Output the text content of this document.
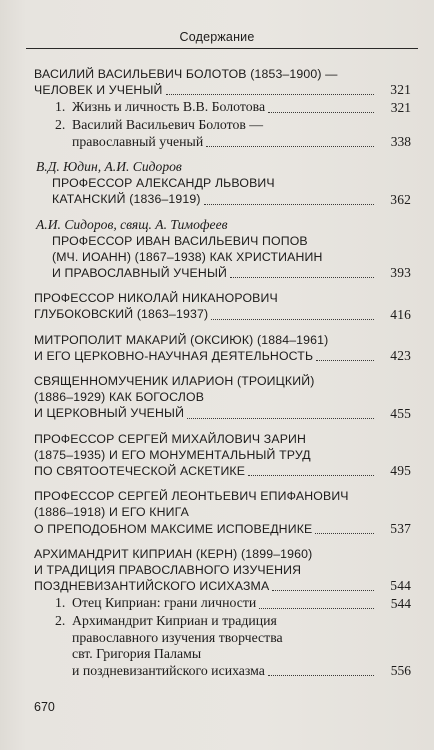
Содержание
ВАСИЛИЙ ВАСИЛЬЕВИЧ БОЛОТОВ (1853–1900) —
ЧЕЛОВЕК И УЧЕНЫЙ	321
1. Жизнь и личность В.В. Болотова	321
2. Василий Васильевич Болотов —
православный ученый	338
В.Д. Юдин, А.И. Сидоров
ПРОФЕССОР АЛЕКСАНДР ЛЬВОВИЧ
КАТАНСКИЙ (1836–1919)	362
А.И. Сидоров, свящ. А. Тимофеев
ПРОФЕССОР ИВАН ВАСИЛЬЕВИЧ ПОПОВ
(МЧ. ИОАНН) (1867–1938) КАК ХРИСТИАНИН
И ПРАВОСЛАВНЫЙ УЧЕНЫЙ	393
ПРОФЕССОР НИКОЛАЙ НИКАНОРОВИЧ
ГЛУБОКОВСКИЙ (1863–1937)	416
МИТРОПОЛИТ МАКАРИЙ (ОКСИЮК) (1884–1961)
И ЕГО ЦЕРКОВНО-НАУЧНАЯ ДЕЯТЕЛЬНОСТЬ	423
СВЯЩЕННОМУЧЕНИК ИЛАРИОН (ТРОИЦКИЙ)
(1886–1929) КАК БОГОСЛОВ
И ЦЕРКОВНЫЙ УЧЕНЫЙ	455
ПРОФЕССОР СЕРГЕЙ МИХАЙЛОВИЧ ЗАРИН
(1875–1935) И ЕГО МОНУМЕНТАЛЬНЫЙ ТРУД
ПО СВЯТООТЕЧЕСКОЙ АСКЕТИКЕ	495
ПРОФЕССОР СЕРГЕЙ ЛЕОНТЬЕВИЧ ЕПИФАНОВИЧ
(1886–1918) И ЕГО КНИГА
О ПРЕПОДОБНОМ МАКСИМЕ ИСПОВЕДНИКЕ	537
АРХИМАНДРИТ КИПРИАН (КЕРН) (1899–1960)
И ТРАДИЦИЯ ПРАВОСЛАВНОГО ИЗУЧЕНИЯ
ПОЗДНЕВИЗАНТИЙСКОГО ИСИХАЗМА	544
1. Отец Киприан: грани личности	544
2. Архимандрит Киприан и традиция
православного изучения творчества
свт. Григория Паламы
и поздневизантийского исихазма	556
670
